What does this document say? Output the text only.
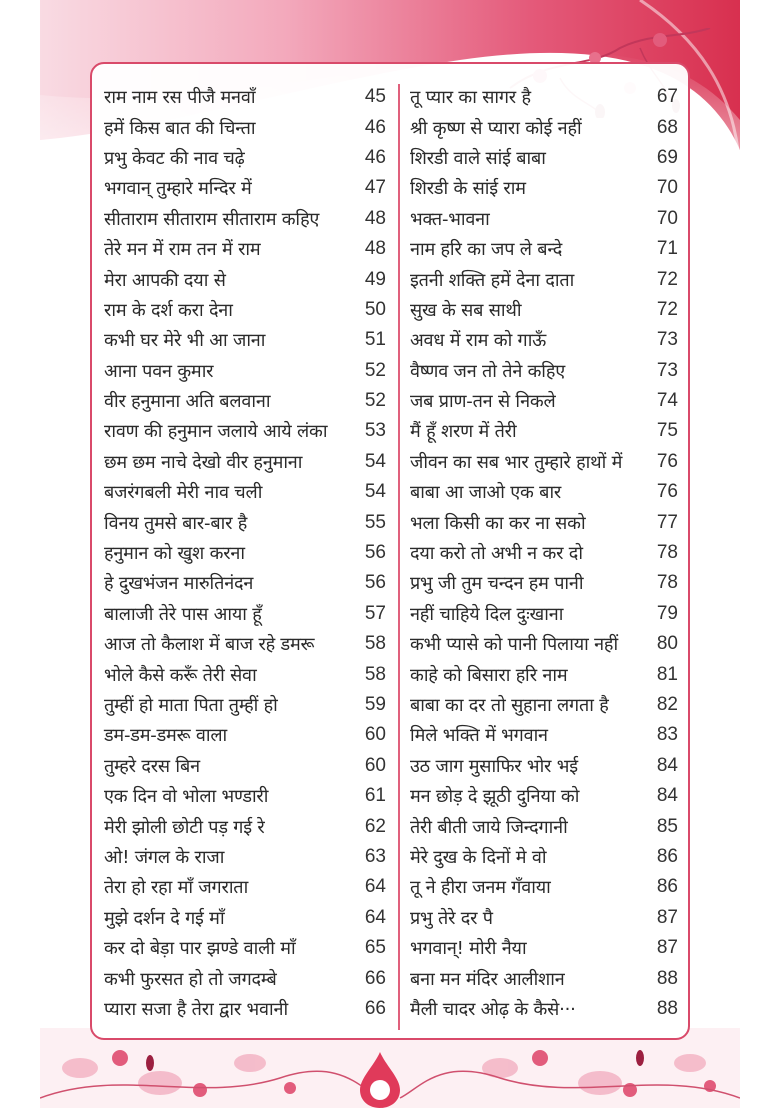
राम नाम रस पीजै मनवाँ	45
हमें किस बात की चिन्ता	46
प्रभु केवट की नाव चढ़े	46
भगवान् तुम्हारे मन्दिर में	47
सीताराम सीताराम सीताराम कहिए 48
तेरे मन में राम तन में राम	48
मेरा आपकी दया से	49
राम के दर्श करा देना	50
कभी घर मेरे भी आ जाना	51
आना पवन कुमार	52
वीर हनुमाना अति बलवाना	52
रावण की हनुमान जलाये आये लंका 53
छम छम नाचे देखो वीर हनुमाना	54
बजरंगबली मेरी नाव चली	54
विनय तुमसे बार-बार है	55
हनुमान को खुश करना	56
हे दुखभंजन मारुतिनंदन	56
बालाजी तेरे पास आया हूँ	57
आज तो कैलाश में बाज रहे डमरू	58
भोले कैसे करूँ तेरी सेवा	58
तुम्हीं हो माता पिता तुम्हीं हो	59
डम-डम-डमरू वाला	60
तुम्हरे दरस बिन	60
एक दिन वो भोला भण्डारी	61
मेरी झोली छोटी पड़ गई रे	62
ओ! जंगल के राजा	63
तेरा हो रहा माँ जगराता	64
मुझे दर्शन दे गई माँ	64
कर दो बेड़ा पार झण्डे वाली माँ	65
कभी फुरसत हो तो जगदम्बे	66
प्यारा सजा है तेरा द्वार भवानी	66
तू प्यार का सागर है	67
श्री कृष्ण से प्यारा कोई नहीं	68
शिरडी वाले सांई बाबा	69
शिरडी के सांई राम	70
भक्त-भावना	70
नाम हरि का जप ले बन्दे	71
इतनी शक्ति हमें देना दाता	72
सुख के सब साथी	72
अवध में राम को गाऊँ	73
वैष्णव जन तो तेने कहिए	73
जब प्राण-तन से निकले	74
मैं हूँ शरण में तेरी	75
जीवन का सब भार तुम्हारे हाथों में 76
बाबा आ जाओ एक बार	76
भला किसी का कर ना सको	77
दया करो तो अभी न कर दो	78
प्रभु जी तुम चन्दन हम पानी	78
नहीं चाहिये दिल दुःखाना	79
कभी प्यासे को पानी पिलाया नहीं 80
काहे को बिसारा हरि नाम	81
बाबा का दर तो सुहाना लगता है	82
मिले भक्ति में भगवान	83
उठ जाग मुसाफिर भोर भई	84
मन छोड़ दे झूठी दुनिया को	84
तेरी बीती जाये जिन्दगानी	85
मेरे दुख के दिनों मे वो	86
तू ने हीरा जनम गँवाया	86
प्रभु तेरे दर पै	87
भगवान्! मोरी नैया	87
बना मन मंदिर आलीशान	88
मैली चादर ओढ़ के कैसे···	88
